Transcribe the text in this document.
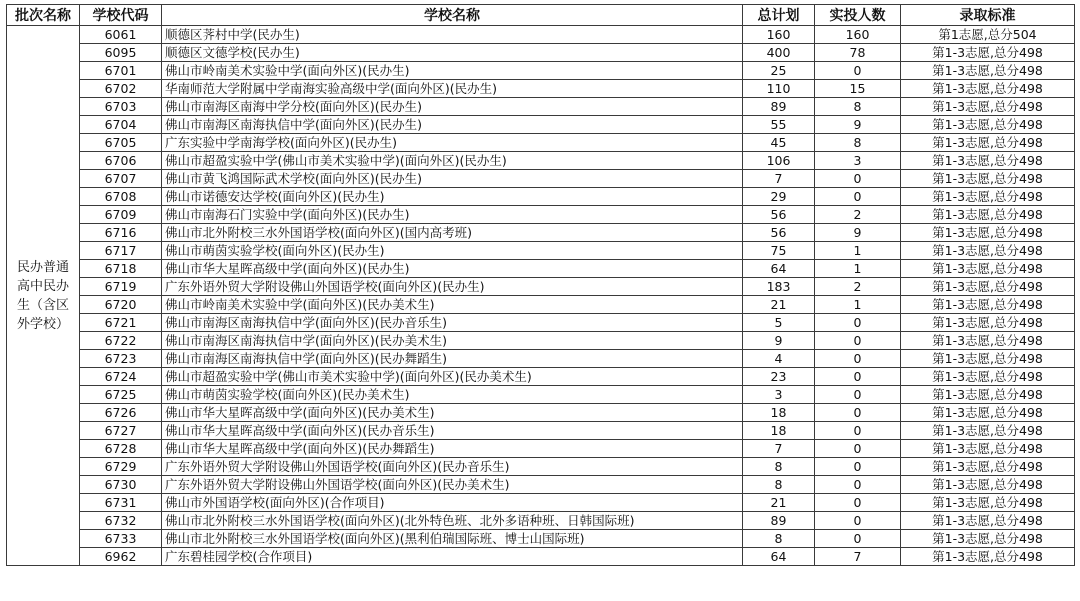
批次名称	学校代码	学校名称	总计划	实投人数	录取标准
民办普通高中民办生（含区外学校）	6061	顺德区荠村中学(民办生)	160	160	第1志愿,总分504
	6095	顺德区文德学校(民办生)	400	78	第1-3志愿,总分498
	6701	佛山市岭南美术实验中学(面向外区)(民办生)	25	0	第1-3志愿,总分498
	6702	华南师范大学附属中学南海实验高级中学(面向外区)(民办生)	110	15	第1-3志愿,总分498
	6703	佛山市南海区南海中学分校(面向外区)(民办生)	89	8	第1-3志愿,总分498
	6704	佛山市南海区南海执信中学(面向外区)(民办生)	55	9	第1-3志愿,总分498
	6705	广东实验中学南海学校(面向外区)(民办生)	45	8	第1-3志愿,总分498
	6706	佛山市超盈实验中学(佛山市美术实验中学)(面向外区)(民办生)	106	3	第1-3志愿,总分498
	6707	佛山市黄飞鸿国际武术学校(面向外区)(民办生)	7	0	第1-3志愿,总分498
	6708	佛山市诺德安达学校(面向外区)(民办生)	29	0	第1-3志愿,总分498
	6709	佛山市南海石门实验中学(面向外区)(民办生)	56	2	第1-3志愿,总分498
	6716	佛山市北外附校三水外国语学校(面向外区)(国内高考班)	56	9	第1-3志愿,总分498
	6717	佛山市萌茵实验学校(面向外区)(民办生)	75	1	第1-3志愿,总分498
	6718	佛山市华大星晖高级中学(面向外区)(民办生)	64	1	第1-3志愿,总分498
	6719	广东外语外贸大学附设佛山外国语学校(面向外区)(民办生)	183	2	第1-3志愿,总分498
	6720	佛山市岭南美术实验中学(面向外区)(民办美术生)	21	1	第1-3志愿,总分498
	6721	佛山市南海区南海执信中学(面向外区)(民办音乐生)	5	0	第1-3志愿,总分498
	6722	佛山市南海区南海执信中学(面向外区)(民办美术生)	9	0	第1-3志愿,总分498
	6723	佛山市南海区南海执信中学(面向外区)(民办舞蹈生)	4	0	第1-3志愿,总分498
	6724	佛山市超盈实验中学(佛山市美术实验中学)(面向外区)(民办美术生)	23	0	第1-3志愿,总分498
	6725	佛山市萌茵实验学校(面向外区)(民办美术生)	3	0	第1-3志愿,总分498
	6726	佛山市华大星晖高级中学(面向外区)(民办美术生)	18	0	第1-3志愿,总分498
	6727	佛山市华大星晖高级中学(面向外区)(民办音乐生)	18	0	第1-3志愿,总分498
	6728	佛山市华大星晖高级中学(面向外区)(民办舞蹈生)	7	0	第1-3志愿,总分498
	6729	广东外语外贸大学附设佛山外国语学校(面向外区)(民办音乐生)	8	0	第1-3志愿,总分498
	6730	广东外语外贸大学附设佛山外国语学校(面向外区)(民办美术生)	8	0	第1-3志愿,总分498
	6731	佛山市外国语学校(面向外区)(合作项目)	21	0	第1-3志愿,总分498
	6732	佛山市北外附校三水外国语学校(面向外区)(北外特色班、北外多语种班、日韩国际班)	89	0	第1-3志愿,总分498
	6733	佛山市北外附校三水外国语学校(面向外区)(黑利伯瑞国际班、博士山国际班)	8	0	第1-3志愿,总分498
	6962	广东碧桂园学校(合作项目)	64	7	第1-3志愿,总分498
